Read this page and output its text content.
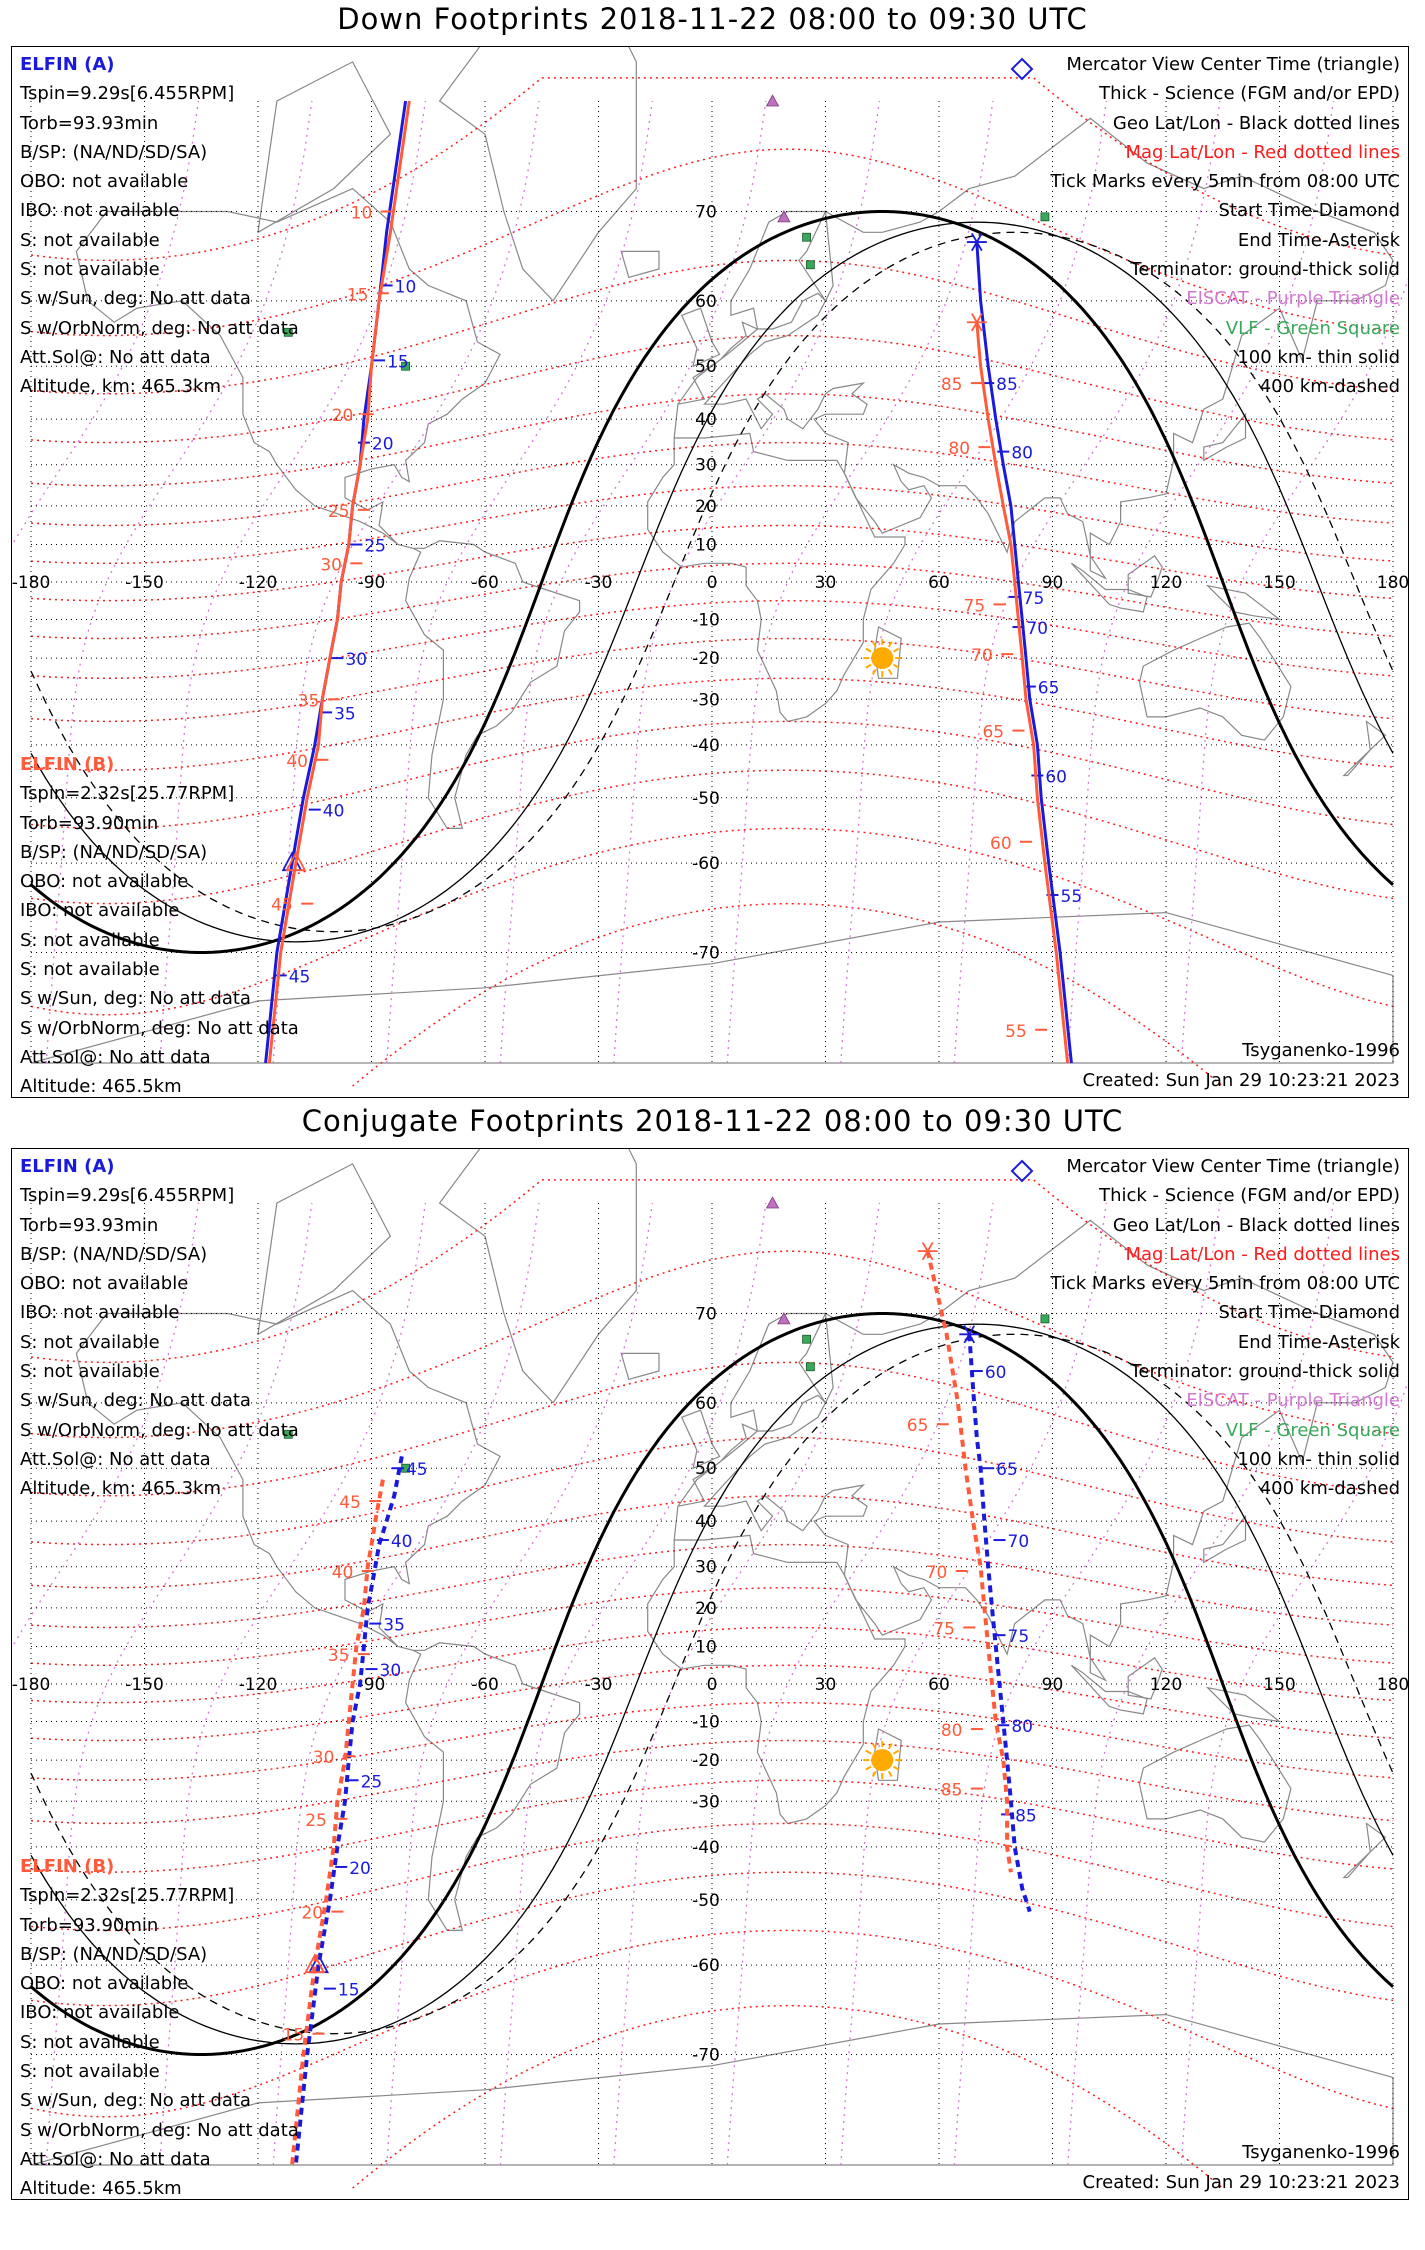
Down Footprints 2018-11-22 08:00 to 09:30 UTC
-180	-150	-120	-90	-60	-30	0	30	60	90	120	150	180
70
60
50
40
30
20
10
-10
-20
-30
-40
-50
-60
-70
10
15
20
25
30
35
40
45
85
80
75
70
65
60
55
10
15
20
25
30
35
40
45
85
80
75
70
65
60
55
ELFIN (A)
Tspin=9.29s[6.455RPM]
Torb=93.93min
B/SP: (NA/ND/SD/SA)
OBO: not available
IBO: not available
S: not available
S: not available
S w/Sun, deg: No att data
S w/OrbNorm, deg: No att data
Att.Sol@: No att data
Altitude, km: 465.3km
ELFIN (B)
Tspin=2.32s[25.77RPM]
Torb=93.90min
B/SP: (NA/ND/SD/SA)
OBO: not available
IBO: not available
S: not available
S: not available
S w/Sun, deg: No att data
S w/OrbNorm, deg: No att data
Att.Sol@: No att data
Altitude: 465.5km
Mercator View Center Time (triangle)
Thick - Science (FGM and/or EPD)
Geo Lat/Lon - Black dotted lines
Mag Lat/Lon - Red dotted lines
Tick Marks every 5min from 08:00 UTC
Start Time-Diamond
End Time-Asterisk
Terminator: ground-thick solid
EISCAT - Purple Triangle
VLF - Green Square
100 km- thin solid
400 km-dashed
Tsyganenko-1996
Created: Sun Jan 29 10:23:21 2023
Conjugate Footprints 2018-11-22 08:00 to 09:30 UTC
-180	-150	-120	-90	-60	-30	0	30	60	90	120	150	180
70
60
50
40
30
20
10
-10
-20
-30
-40
-50
-60
-70
45
40
35
30
25
20
15
60
65
70
75
80
85
45
40
35
30
25
20
15
65
70
75
80
85
ELFIN (A)
Tspin=9.29s[6.455RPM]
Torb=93.93min
B/SP: (NA/ND/SD/SA)
OBO: not available
IBO: not available
S: not available
S: not available
S w/Sun, deg: No att data
S w/OrbNorm, deg: No att data
Att.Sol@: No att data
Altitude, km: 465.3km
ELFIN (B)
Tspin=2.32s[25.77RPM]
Torb=93.90min
B/SP: (NA/ND/SD/SA)
OBO: not available
IBO: not available
S: not available
S: not available
S w/Sun, deg: No att data
S w/OrbNorm, deg: No att data
Att.Sol@: No att data
Altitude: 465.5km
Mercator View Center Time (triangle)
Thick - Science (FGM and/or EPD)
Geo Lat/Lon - Black dotted lines
Mag Lat/Lon - Red dotted lines
Tick Marks every 5min from 08:00 UTC
Start Time-Diamond
End Time-Asterisk
Terminator: ground-thick solid
EISCAT - Purple Triangle
VLF - Green Square
100 km- thin solid
400 km-dashed
Tsyganenko-1996
Created: Sun Jan 29 10:23:21 2023
